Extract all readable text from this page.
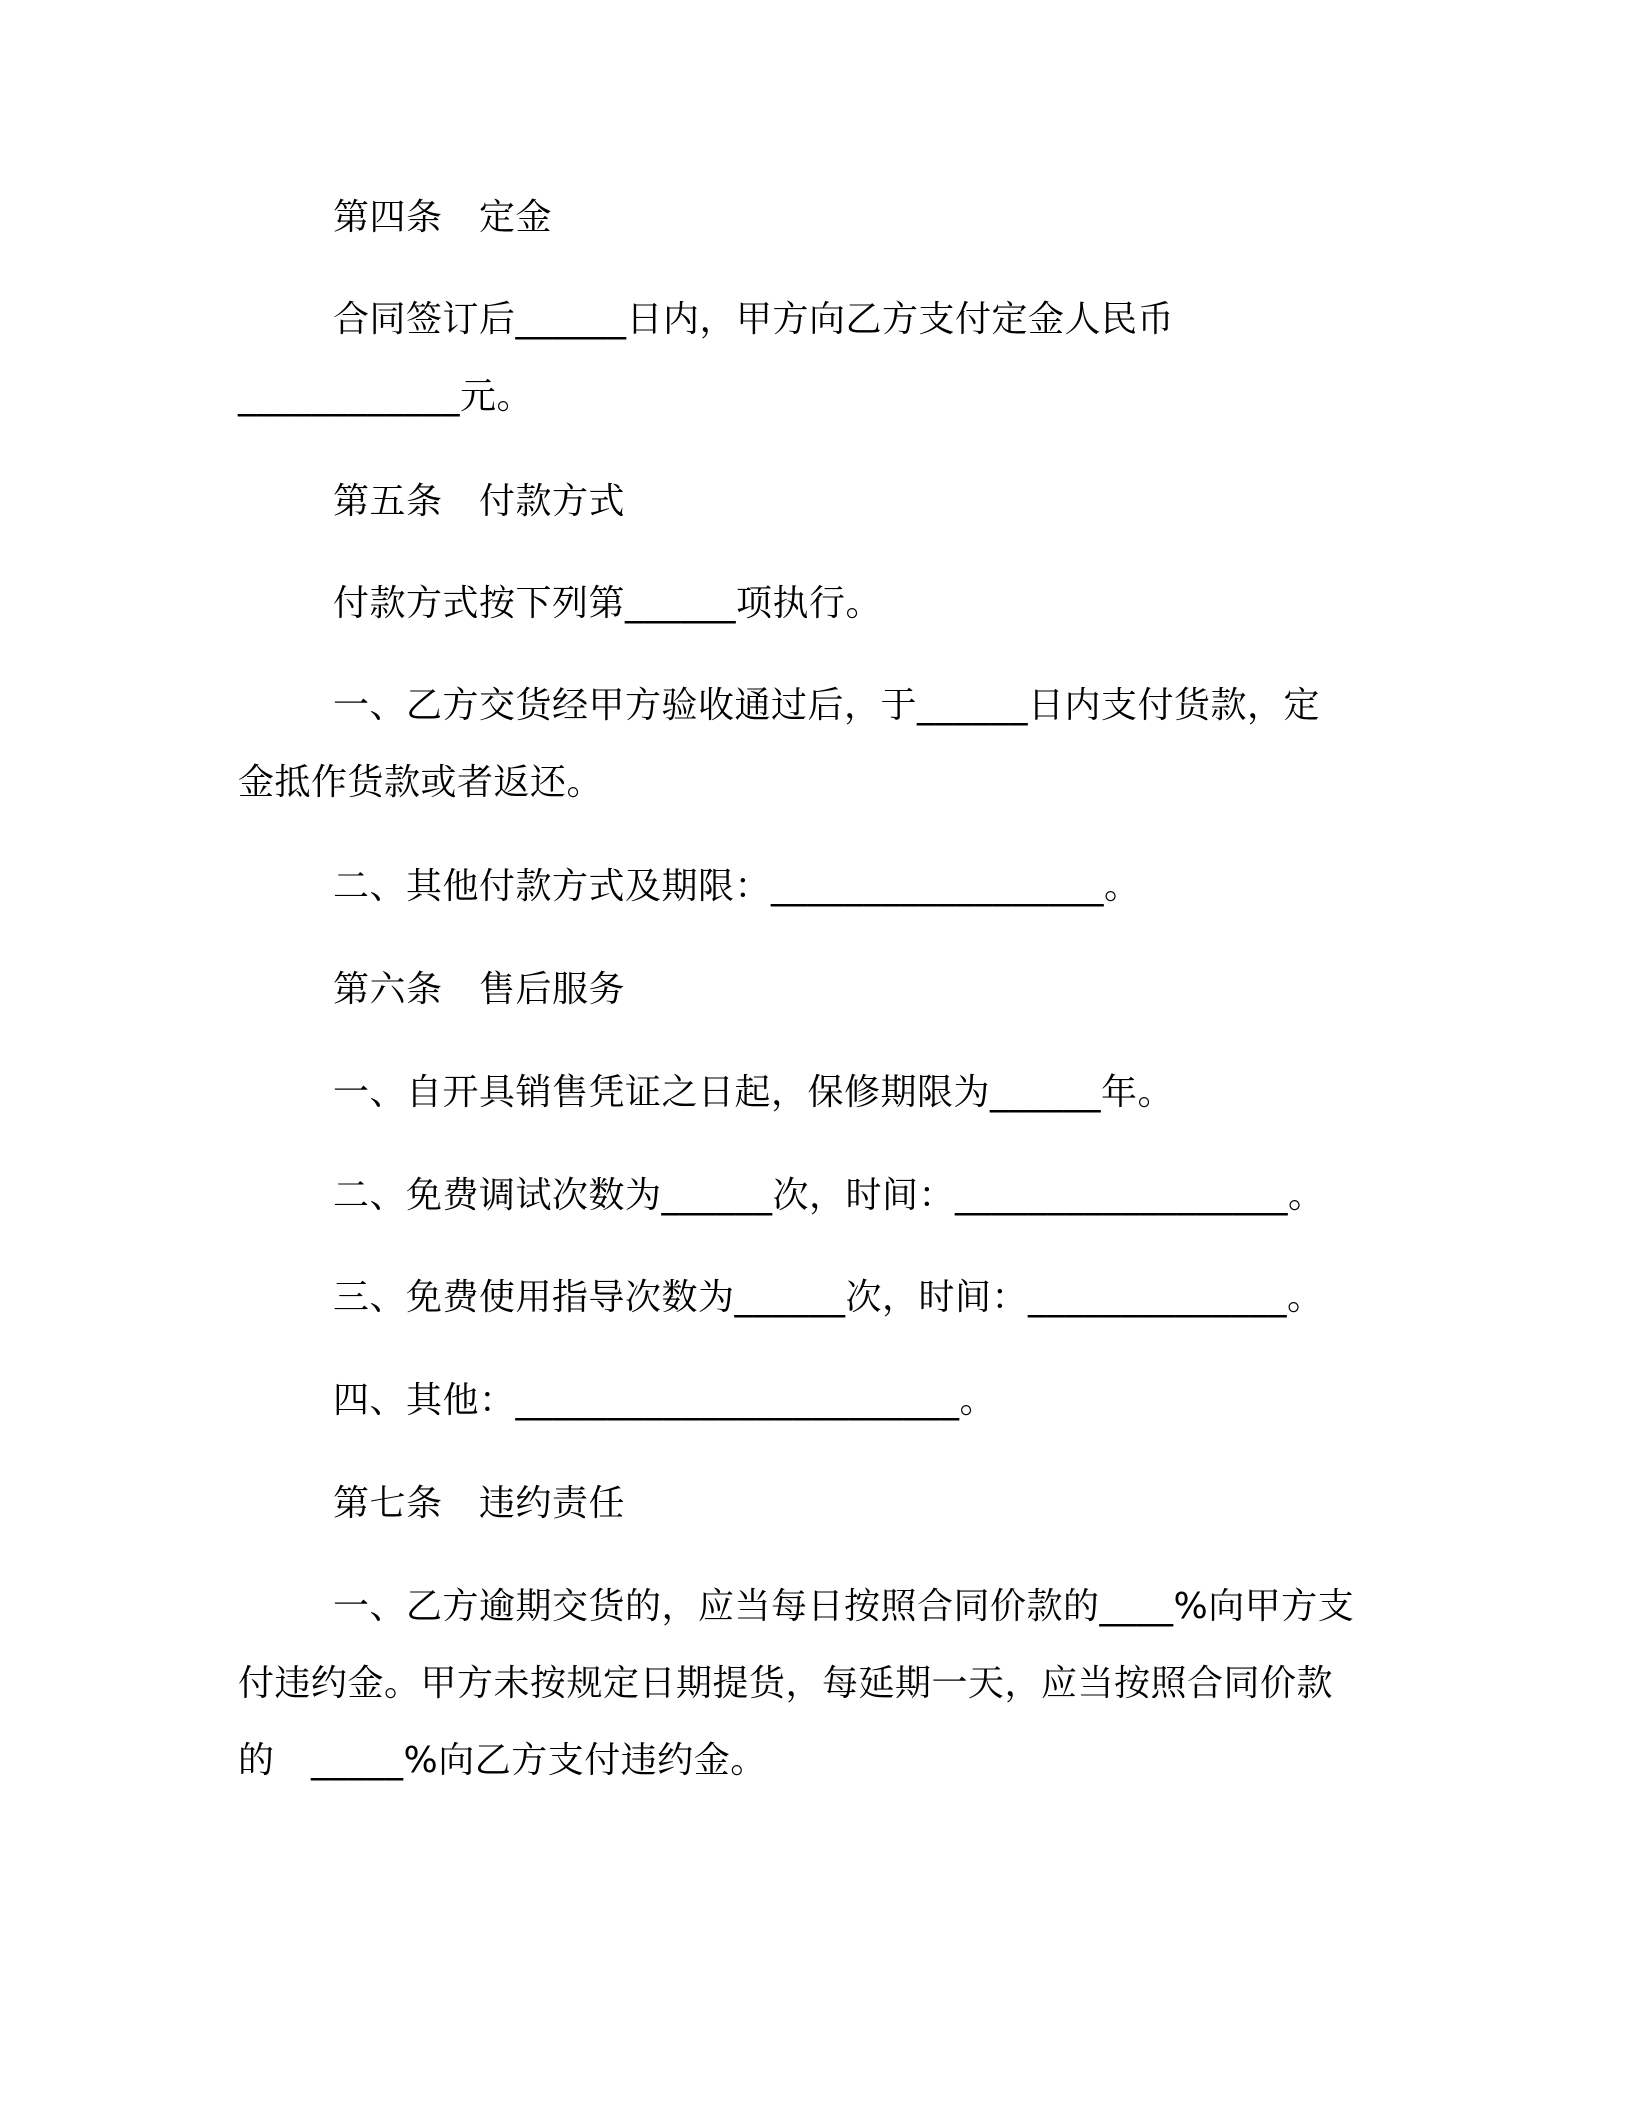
第四条　定金
合同签订后______日内，甲方向乙方支付定金人民币
____________元。
第五条　付款方式
付款方式按下列第______项执行。
一、乙方交货经甲方验收通过后，于______日内支付货款，定
金抵作货款或者返还。
二、其他付款方式及期限：__________________。
第六条　售后服务
一、自开具销售凭证之日起，保修期限为______年。
二、免费调试次数为______次，时间：__________________。
三、免费使用指导次数为______次，时间：______________。
四、其他：________________________。
第七条　违约责任
一、乙方逾期交货的，应当每日按照合同价款的____%向甲方支
付违约金。甲方未按规定日期提货，每延期一天，应当按照合同价款
的　_____%向乙方支付违约金。
